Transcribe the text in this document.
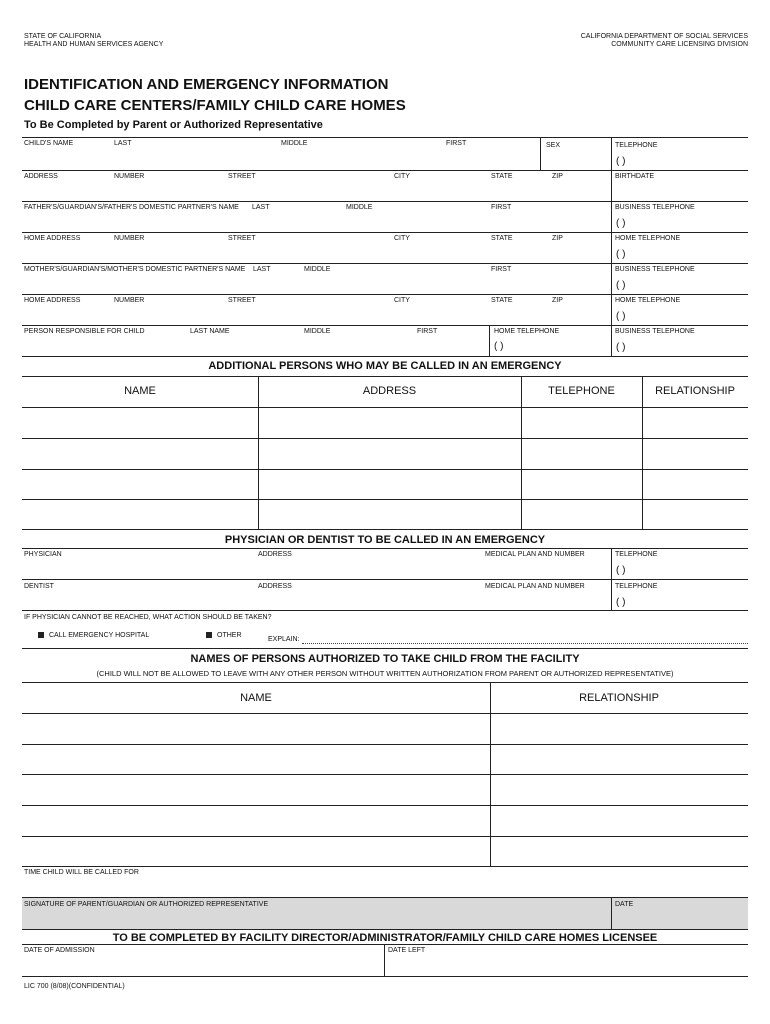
STATE OF CALIFORNIA
HEALTH AND HUMAN SERVICES AGENCY
CALIFORNIA DEPARTMENT OF SOCIAL SERVICES
COMMUNITY CARE LICENSING DIVISION
IDENTIFICATION AND EMERGENCY INFORMATION
CHILD CARE CENTERS/FAMILY CHILD CARE HOMES
To Be Completed by Parent or Authorized Representative
CHILD'S NAME	LAST	MIDDLE	FIRST	SEX	TELEPHONE
( )
ADDRESS	NUMBER	STREET	CITY	STATE	ZIP	BIRTHDATE
FATHER'S/GUARDIAN'S/FATHER'S DOMESTIC PARTNER'S NAME LAST	MIDDLE	FIRST	BUSINESS TELEPHONE
( )
HOME ADDRESS	NUMBER	STREET	CITY	STATE	ZIP	HOME TELEPHONE
( )
MOTHER'S/GUARDIAN'S/MOTHER'S DOMESTIC PARTNER'S NAME LAST	MIDDLE	FIRST	BUSINESS TELEPHONE
( )
HOME ADDRESS	NUMBER	STREET	CITY	STATE	ZIP	HOME TELEPHONE
( )
PERSON RESPONSIBLE FOR CHILD	LAST NAME	MIDDLE	FIRST	HOME TELEPHONE
( )
BUSINESS TELEPHONE
( )
ADDITIONAL PERSONS WHO MAY BE CALLED IN AN EMERGENCY
NAME	ADDRESS	TELEPHONE	RELATIONSHIP
PHYSICIAN OR DENTIST TO BE CALLED IN AN EMERGENCY
PHYSICIAN	ADDRESS	MEDICAL PLAN AND NUMBER	TELEPHONE
( )
DENTIST	ADDRESS	MEDICAL PLAN AND NUMBER	TELEPHONE
( )
IF PHYSICIAN CANNOT BE REACHED, WHAT ACTION SHOULD BE TAKEN?
CALL EMERGENCY HOSPITAL	OTHER
EXPLAIN:
NAMES OF PERSONS AUTHORIZED TO TAKE CHILD FROM THE FACILITY
(CHILD WILL NOT BE ALLOWED TO LEAVE WITH ANY OTHER PERSON WITHOUT WRITTEN AUTHORIZATION FROM PARENT OR AUTHORIZED REPRESENTATIVE)
NAME	RELATIONSHIP
TIME CHILD WILL BE CALLED FOR
SIGNATURE OF PARENT/GUARDIAN OR AUTHORIZED REPRESENTATIVE	DATE
TO BE COMPLETED BY FACILITY DIRECTOR/ADMINISTRATOR/FAMILY CHILD CARE HOMES LICENSEE
DATE OF ADMISSION	DATE LEFT
LIC 700 (8/08)(CONFIDENTIAL)
